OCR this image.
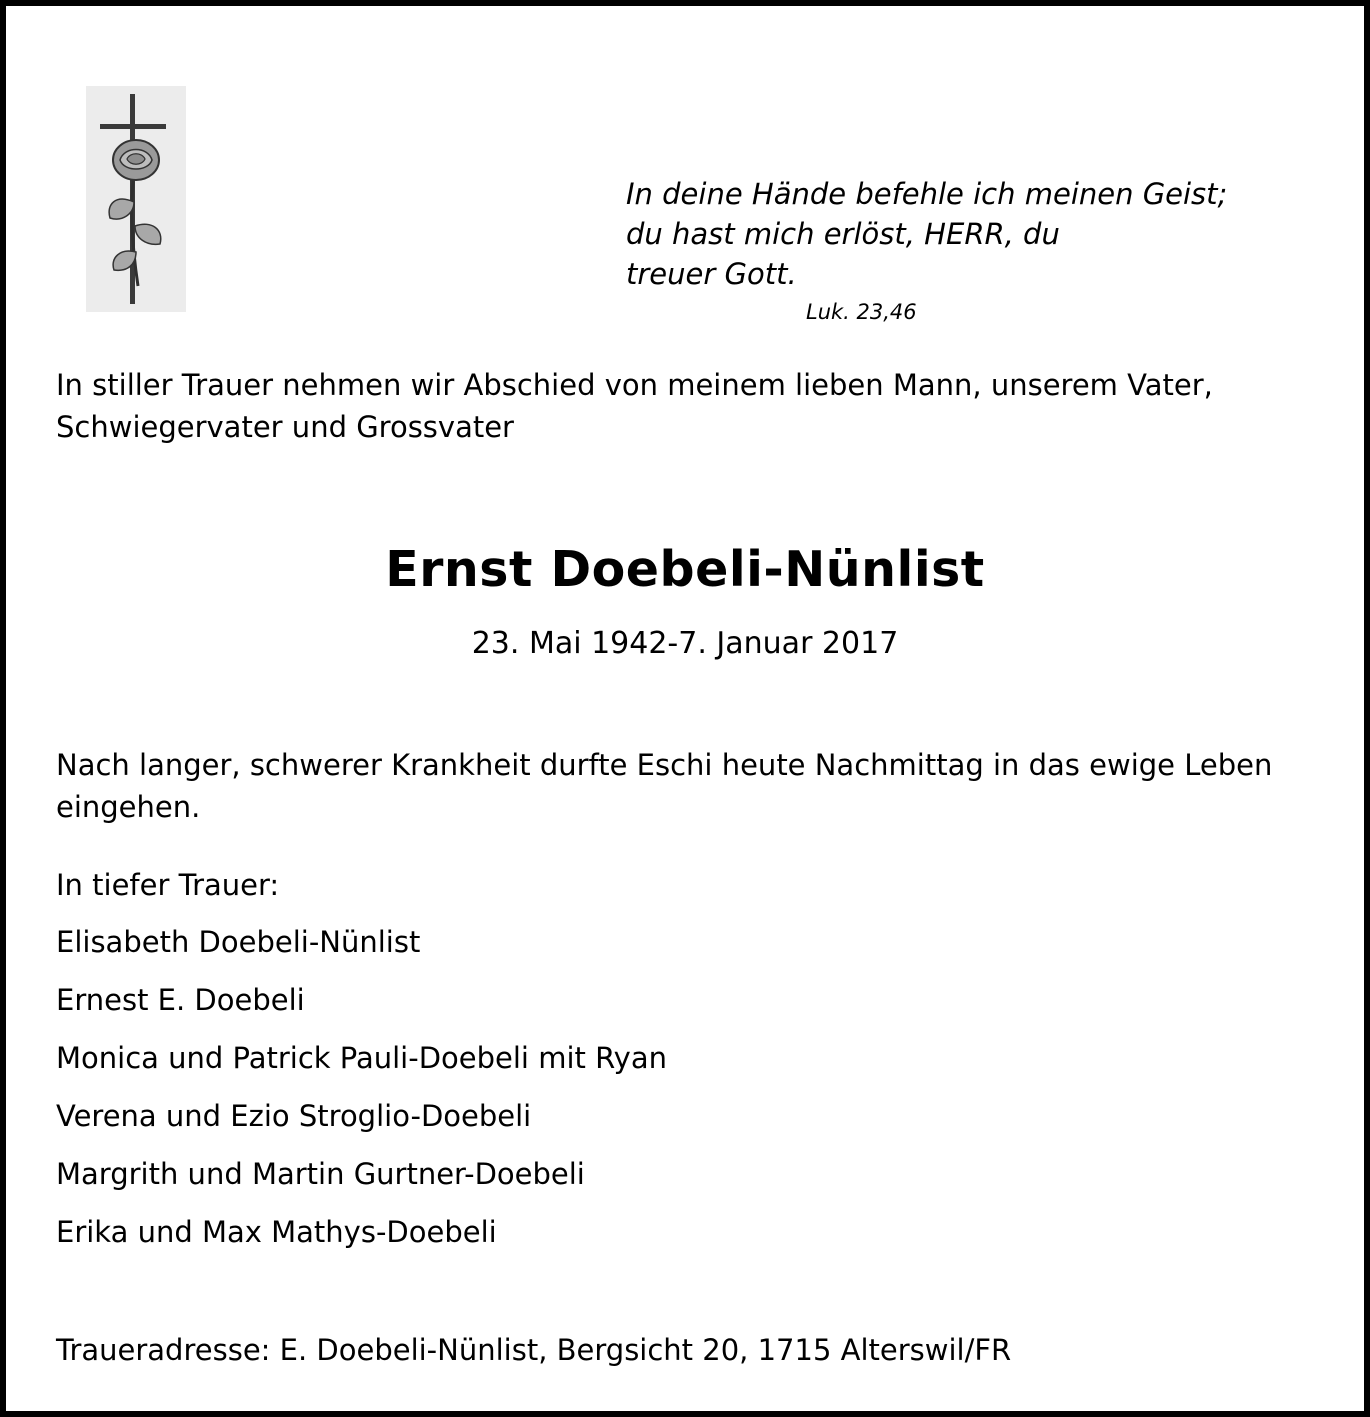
In deine Hände befehle ich meinen Geist;
du hast mich erlöst, HERR, du
treuer Gott.
Luk. 23,46

In stiller Trauer nehmen wir Abschied von meinem lieben Mann, unserem Vater, Schwiegervater und Grossvater

Ernst Doebeli-Nünlist
23. Mai 1942-7. Januar 2017

Nach langer, schwerer Krankheit durfte Eschi heute Nachmittag in das ewige Leben eingehen.

In tiefer Trauer:
Elisabeth Doebeli-Nünlist
Ernest E. Doebeli
Monica und Patrick Pauli-Doebeli mit Ryan
Verena und Ezio Stroglio-Doebeli
Margrith und Martin Gurtner-Doebeli
Erika und Max Mathys-Doebeli
Traueradresse: E. Doebeli-Nünlist, Bergsicht 20, 1715 Alterswil/FR
